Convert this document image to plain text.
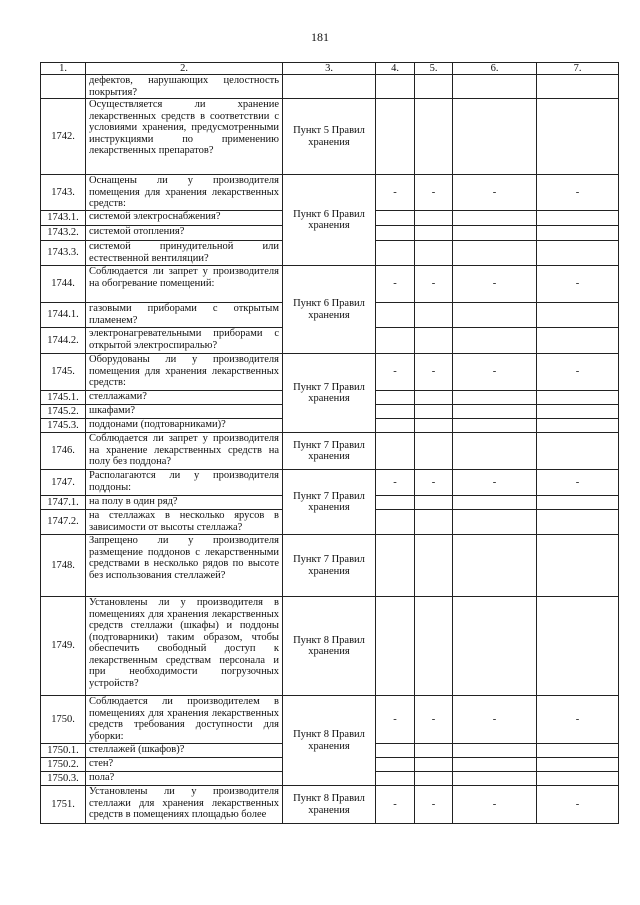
181
1.	2.	3.	4.	5.	6.	7.
	дефектов, нарушающих целостность покрытия?					
1742.	Осуществляется ли хранение лекарственных средств в соответствии с условиями хранения, предусмотренными инструкциями по применению лекарственных препаратов?	Пункт 5 Правил хранения				
1743.	Оснащены ли у производителя помещения для хранения лекарственных средств:	Пункт 6 Правил хранения	-	-	-	-
1743.1.	системой электроснабжения?					
1743.2.	системой отопления?					
1743.3.	системой принудительной или естественной вентиляции?					
1744.	Соблюдается ли запрет у производителя на обогревание помещений:	Пункт 6 Правил хранения	-	-	-	-
1744.1.	газовыми приборами с открытым пламенем?					
1744.2.	электронагревательными приборами с открытой электроспиралью?					
1745.	Оборудованы ли у производителя помещения для хранения лекарственных средств:	Пункт 7 Правил хранения	-	-	-	-
1745.1.	стеллажами?					
1745.2.	шкафами?					
1745.3.	поддонами (подтоварниками)?					
1746.	Соблюдается ли запрет у производителя на хранение лекарственных средств на полу без поддона?	Пункт 7 Правил хранения				
1747.	Располагаются ли у производителя поддоны:	Пункт 7 Правил хранения	-	-	-	-
1747.1.	на полу в один ряд?					
1747.2.	на стеллажах в несколько ярусов в зависимости от высоты стеллажа?					
1748.	Запрещено ли у производителя размещение поддонов с лекарственными средствами в несколько рядов по высоте без использования стеллажей?	Пункт 7 Правил хранения				
1749.	Установлены ли у производителя в помещениях для хранения лекарственных средств стеллажи (шкафы) и поддоны (подтоварники) таким образом, чтобы обеспечить свободный доступ к лекарственным средствам персонала и при необходимости погрузочных устройств?	Пункт 8 Правил хранения				
1750.	Соблюдается ли производителем в помещениях для хранения лекарственных средств требования доступности для уборки:	Пункт 8 Правил хранения	-	-	-	-
1750.1.	стеллажей (шкафов)?					
1750.2.	стен?					
1750.3.	пола?					
1751.	Установлены ли у производителя стеллажи для хранения лекарственных средств в помещениях площадью более	Пункт 8 Правил хранения	-	-	-	-
